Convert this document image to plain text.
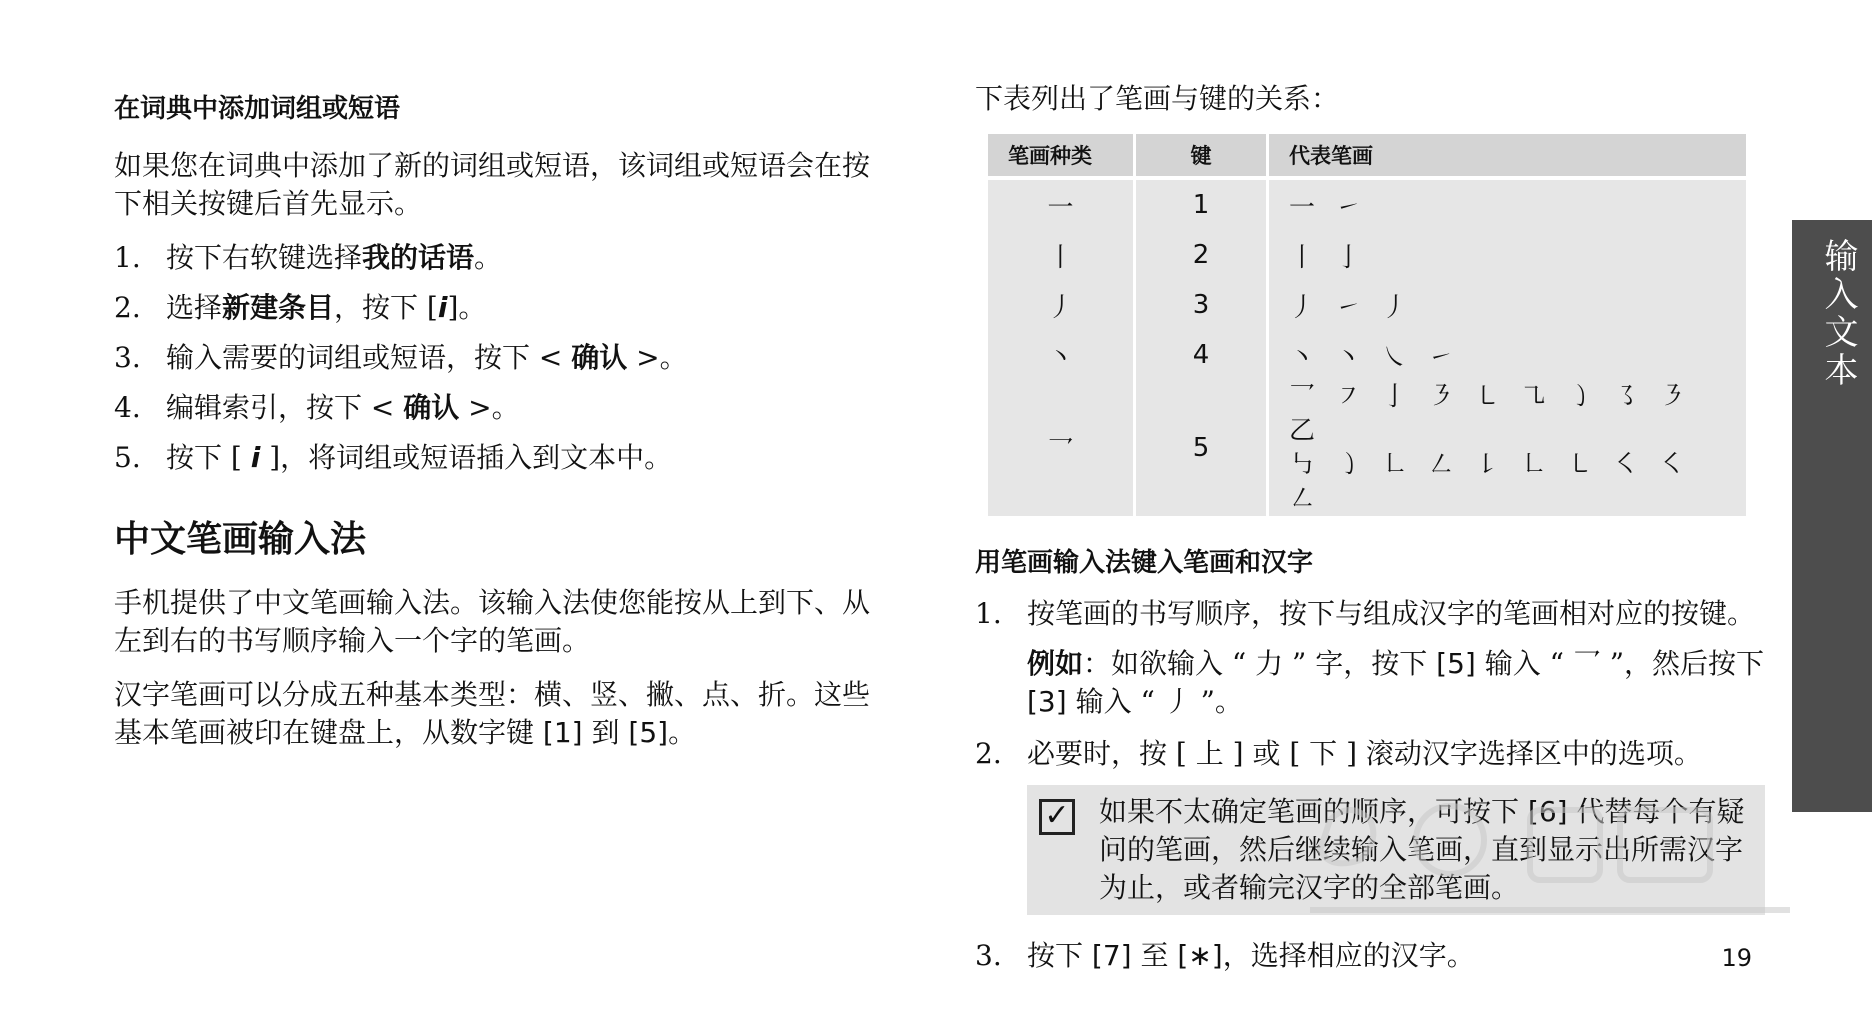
在词典中添加词组或短语

如果您在词典中添加了新的词组或短语，该词组或短语会在按下相关按键后首先显示。

1. 按下右软键选择我的话语。
2. 选择新建条目，按下 [i]。
3. 输入需要的词组或短语，按下 < 确认 >。
4. 编辑索引，按下 < 确认 >。
5. 按下 [ i ]，将词组或短语插入到文本中。
中文笔画输入法

手机提供了中文笔画输入法。该输入法使您能按从上到下、从左到右的书写顺序输入一个字的笔画。

汉字笔画可以分成五种基本类型：横、竖、撇、点、折。这些基本笔画被印在键盘上，从数字键 [1] 到 [5]。

下表列出了笔画与键的关系：

笔画种类	键	代表笔画

一	1	一 ㇀
丨	2	丨 亅
丿	3	丿 ㇀ 丿
丶	4	丶 丶 ㇏ ㇀
乛	5	乛 ㇇ 亅 ㇋ ㇄ ㇈ ㇁ ㇌ ㇋ 乙
㇉ ㇁ ㇗ ㇜ ㇙ ㇗ ㇄ ㇛ ㇛ ㇜

用笔画输入法键入笔画和汉字
1. 按笔画的书写顺序，按下与组成汉字的笔画相对应的按键。
例如：如欲输入 “ 力 ” 字，按下 [5] 输入 “ 乛 ”，然后按下 [3] 输入 “ 丿 ”。
2. 必要时，按 [ 上 ] 或 [ 下 ] 滚动汉字选择区中的选项。
✓ 如果不太确定笔画的顺序，可按下 [6] 代替每个有疑问的笔画，然后继续输入笔画，直到显示出所需汉字为止，或者输完汉字的全部笔画。
3. 按下 [7] 至 [∗]，选择相应的汉字。
输入文本
19
